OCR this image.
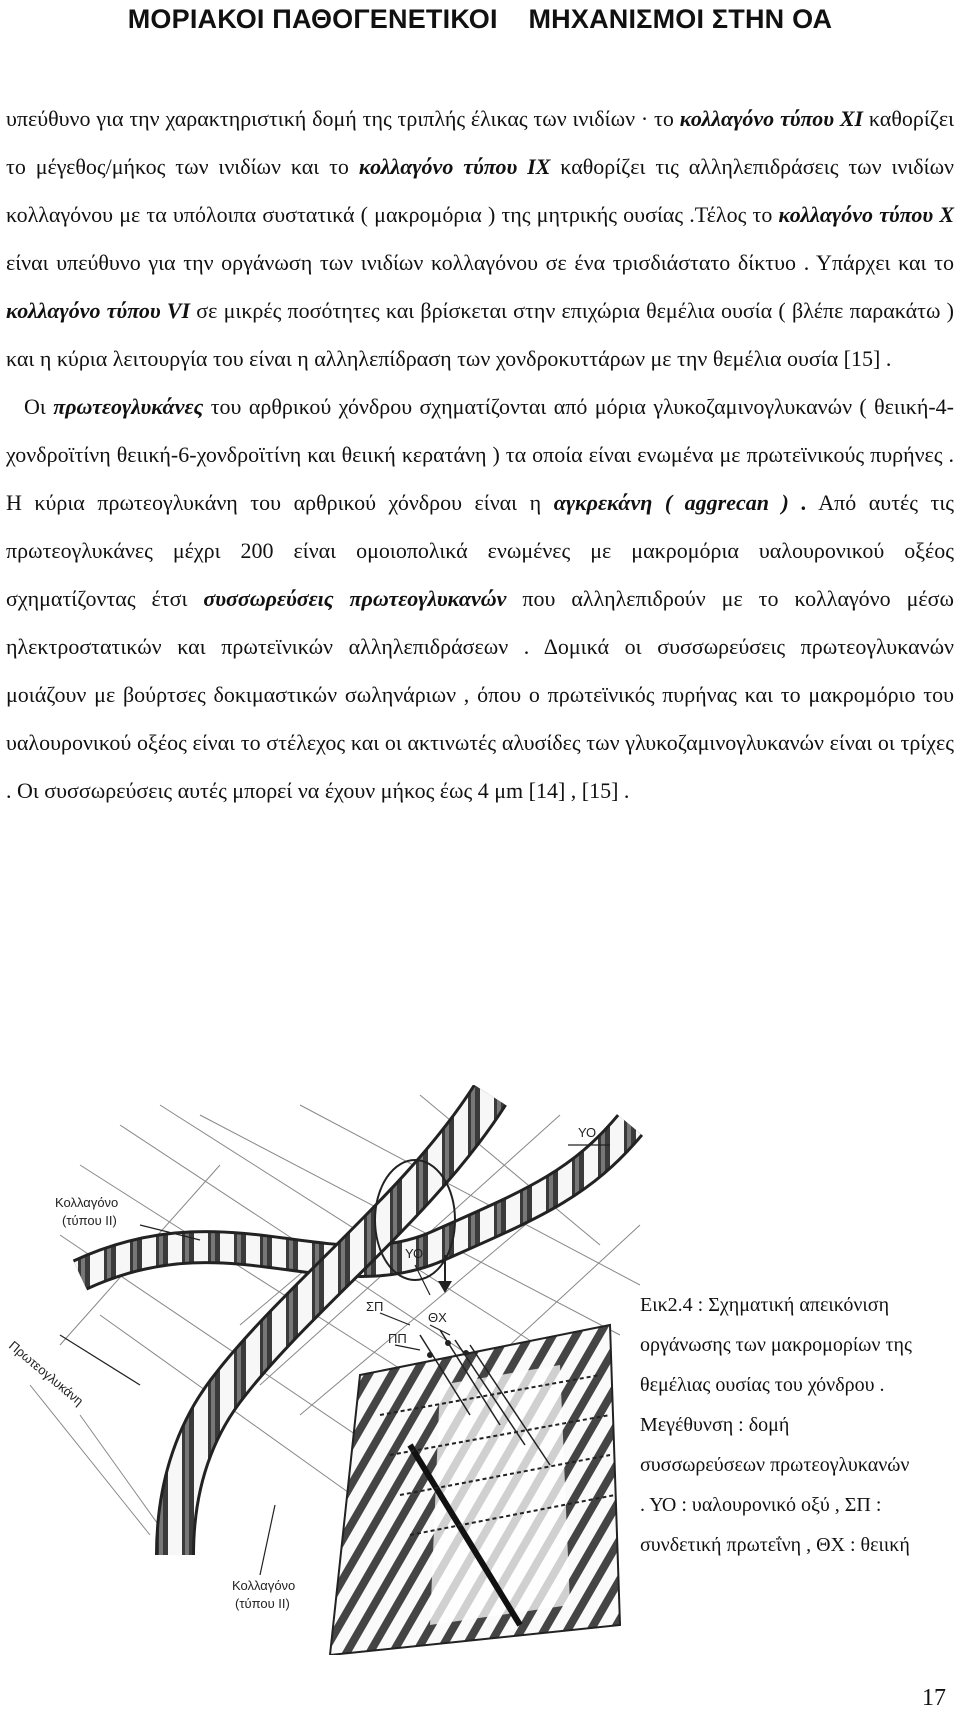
ΜΟΡΙΑΚΟΙ ΠΑΘΟΓΕΝΕΤΙΚΟΙ    ΜΗΧΑΝΙΣΜΟΙ ΣΤΗΝ ΟΑ

υπεύθυνο για την χαρακτηριστική δομή της τριπλής έλικας των ινιδίων · το κολλαγόνο τύπου XI καθορίζει το μέγεθος/μήκος των ινιδίων και το κολλαγόνο τύπου IX καθορίζει τις αλληλεπιδράσεις των ινιδίων κολλαγόνου με τα υπόλοιπα συστατικά ( μακρομόρια ) της μητρικής ουσίας .Τέλος το κολλαγόνο τύπου X είναι υπεύθυνο για την οργάνωση των ινιδίων κολλαγόνου σε ένα τρισδιάστατο δίκτυο . Υπάρχει και το κολλαγόνο τύπου VI σε μικρές ποσότητες και βρίσκεται στην επιχώρια θεμέλια ουσία ( βλέπε παρακάτω ) και η κύρια λειτουργία του είναι η αλληλεπίδραση των χονδροκυττάρων με την θεμέλια ουσία [15] .

Οι πρωτεογλυκάνες του αρθρικού χόνδρου σχηματίζονται από μόρια γλυκοζαμινογλυκανών ( θειική-4-χονδροϊτίνη θειική-6-χονδροϊτίνη και θειική κερατάνη ) τα οποία είναι ενωμένα με πρωτεϊνικούς πυρήνες . Η κύρια πρωτεογλυκάνη του αρθρικού χόνδρου είναι η αγκρεκάνη ( aggrecan ) . Από αυτές τις πρωτεογλυκάνες μέχρι 200 είναι ομοιοπολικά ενωμένες με μακρομόρια υαλουρονικού οξέος σχηματίζοντας έτσι συσσωρεύσεις πρωτεογλυκανών που αλληλεπιδρούν με το κολλαγόνο μέσω ηλεκτροστατικών και πρωτεϊνικών αλληλεπιδράσεων . Δομικά οι συσσωρεύσεις πρωτεογλυκανών μοιάζουν με βούρτσες δοκιμαστικών σωληνάριων , όπου ο πρωτεϊνικός πυρήνας και το μακρομόριο του υαλουρονικού οξέος είναι το στέλεχος και οι ακτινωτές αλυσίδες των γλυκοζαμινογλυκανών είναι οι τρίχες . Οι συσσωρεύσεις αυτές μπορεί να έχουν μήκος έως 4 μm [14] , [15] .

ΥΟ
Κολλαγόνο
(τύπου ΙΙ)
ΥΟ
ΣΠ
ΘΧ
ΠΠ
Πρωτεογλυκάνη
Κολλαγόνο
(τύπου ΙΙ)

Εικ2.4 : Σχηματική απεικόνιση

οργάνωσης των μακρομορίων της

θεμέλιας ουσίας του χόνδρου .

Μεγέθυνση : δομή

συσσωρεύσεων πρωτεογλυκανών

. ΥΟ : υαλουρονικό οξύ , ΣΠ :

συνδετική πρωτεΐνη , ΘΧ : θειική

17
